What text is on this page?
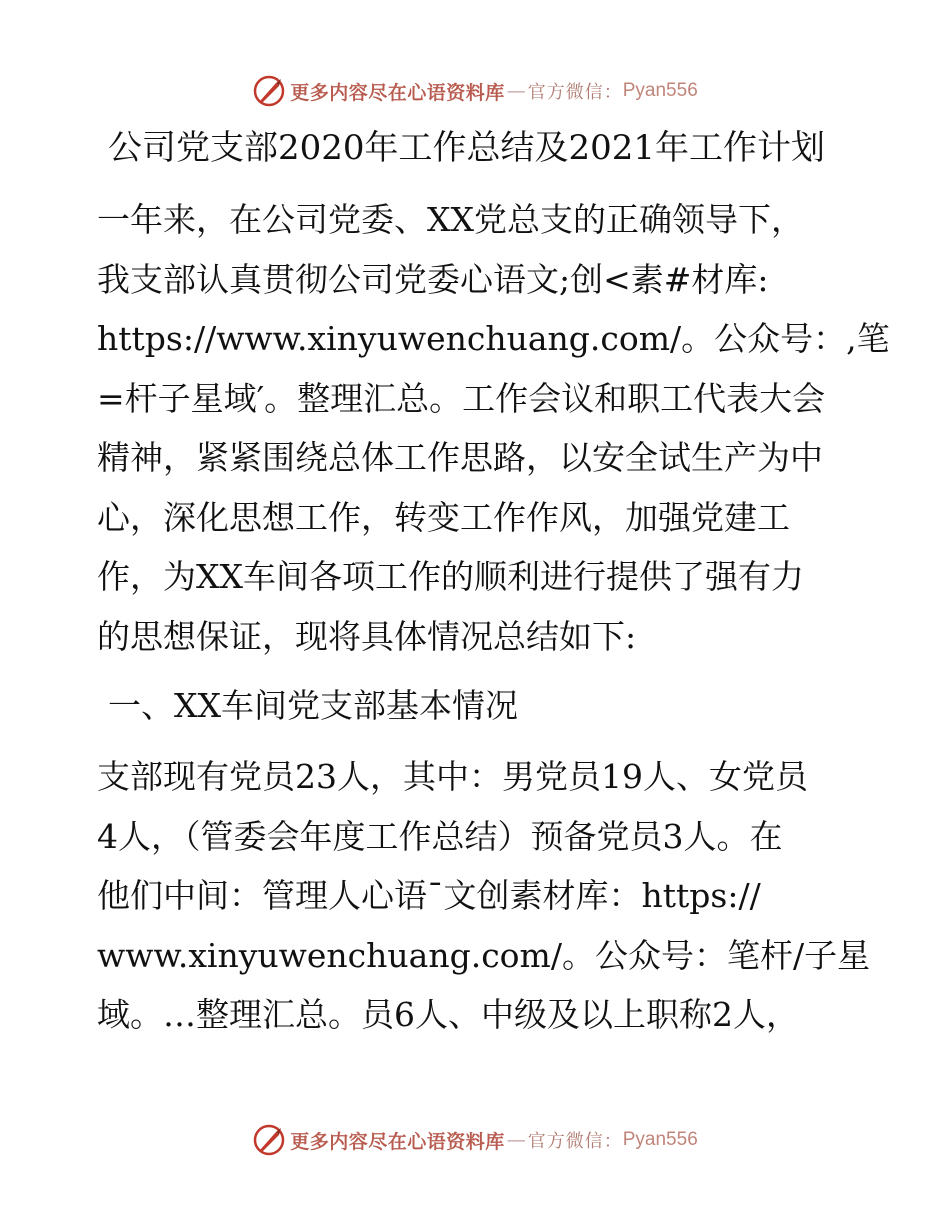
更多内容尽在心语资料库 — 官方微信： Pyan556
公司党支部2020年工作总结及2021年工作计划
一年来，在公司党委、XX党总支的正确领导下，
我支部认真贯彻公司党委心语文;创<素#材库:
https://www.xinyuwenchuang.com/。公众号：,笔
=杆子星域′。整理汇总。工作会议和职工代表大会
精神，紧紧围绕总体工作思路，以安全试生产为中
心，深化思想工作，转变工作作风，加强党建工
作，为XX车间各项工作的顺利进行提供了强有力
的思想保证，现将具体情况总结如下:
一、XX车间党支部基本情况
支部现有党员23人，其中：男党员19人、女党员
4人，（管委会年度工作总结）预备党员3人。在
他们中间：管理人心语¯文创素材库：https://
www.xinyuwenchuang.com/。公众号：笔杆/子星
域。…整理汇总。员6人、中级及以上职称2人，
更多内容尽在心语资料库 — 官方微信： Pyan556
